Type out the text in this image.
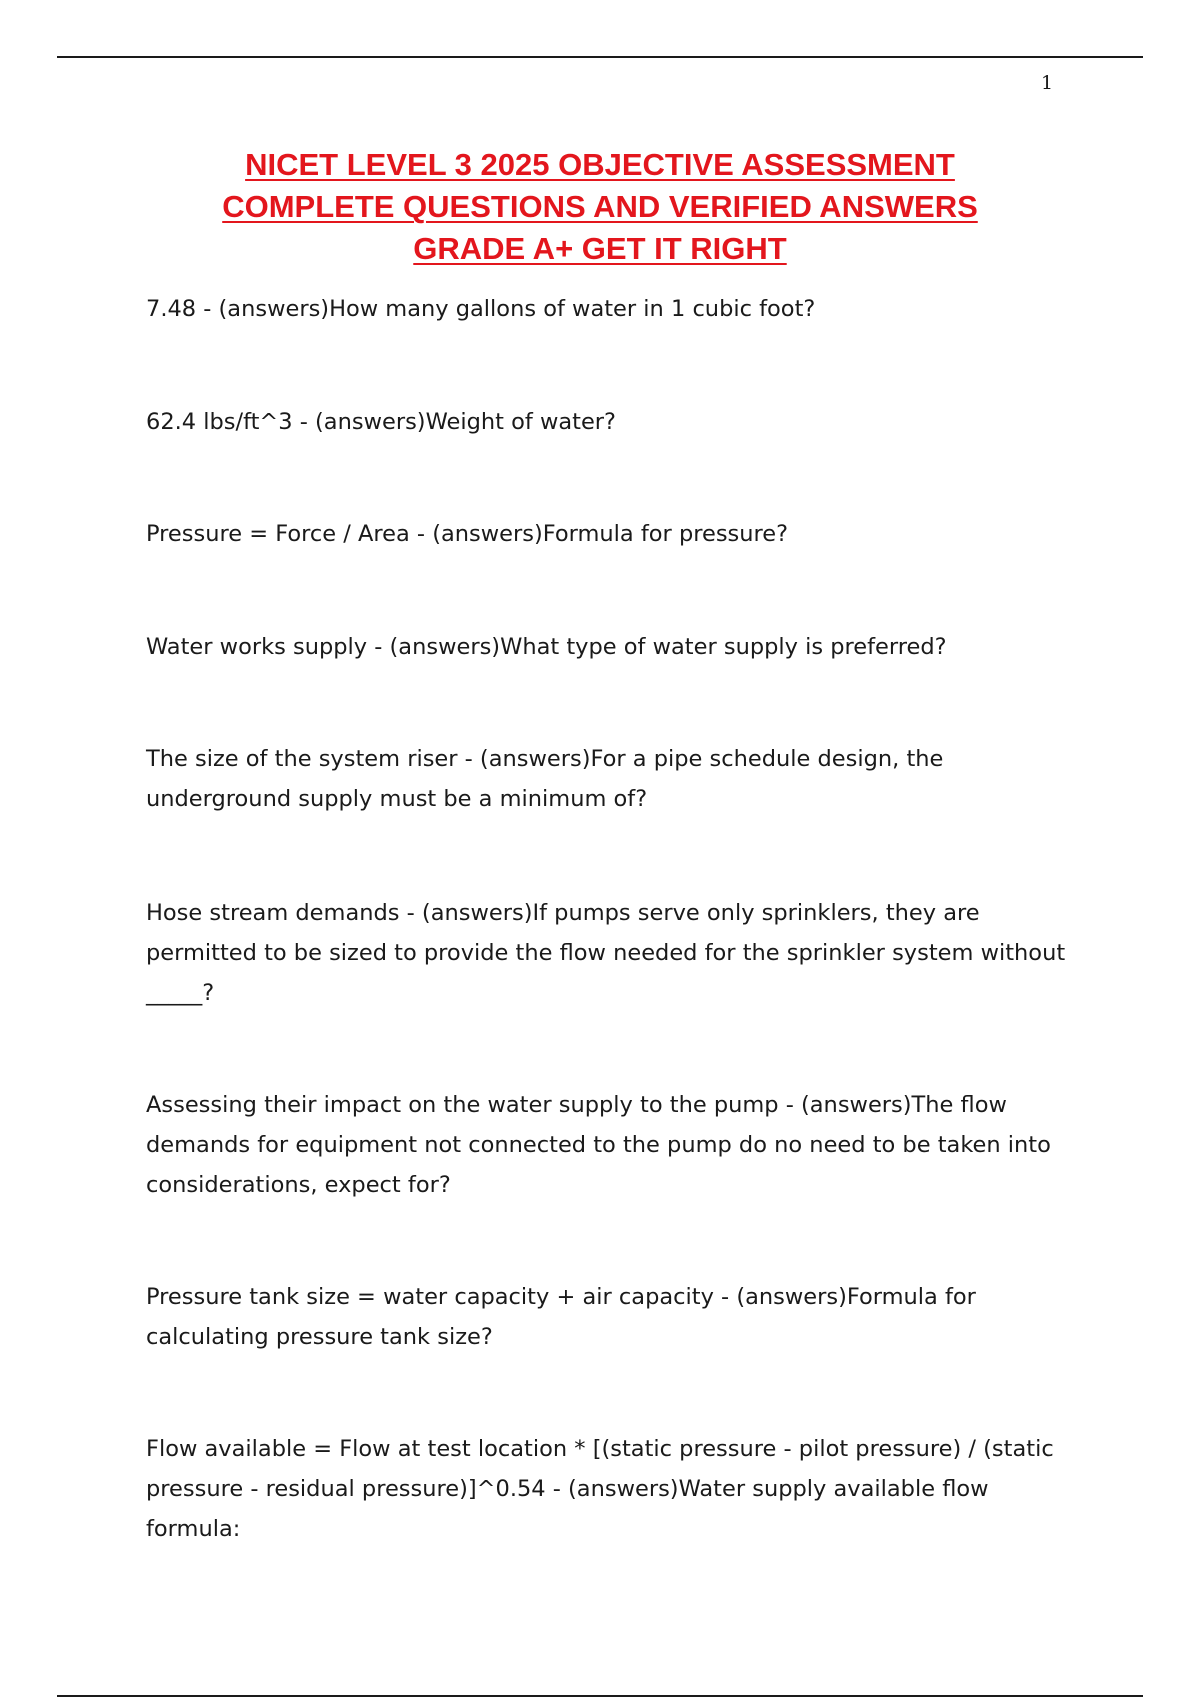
1
NICET LEVEL 3 2025 OBJECTIVE ASSESSMENT
COMPLETE QUESTIONS AND VERIFIED ANSWERS
GRADE A+ GET IT RIGHT

7.48 - (answers)How many gallons of water in 1 cubic foot?

62.4 lbs/ft^3 - (answers)Weight of water?

Pressure = Force / Area - (answers)Formula for pressure?

Water works supply - (answers)What type of water supply is preferred?

The size of the system riser - (answers)For a pipe schedule design, the underground supply must be a minimum of?

Hose stream demands - (answers)If pumps serve only sprinklers, they are permitted to be sized to provide the flow needed for the sprinkler system without _____?

Assessing their impact on the water supply to the pump - (answers)The flow demands for equipment not connected to the pump do no need to be taken into considerations, expect for?

Pressure tank size = water capacity + air capacity - (answers)Formula for calculating pressure tank size?

Flow available = Flow at test location * [(static pressure - pilot pressure) / (static pressure - residual pressure)]^0.54 - (answers)Water supply available flow formula:
